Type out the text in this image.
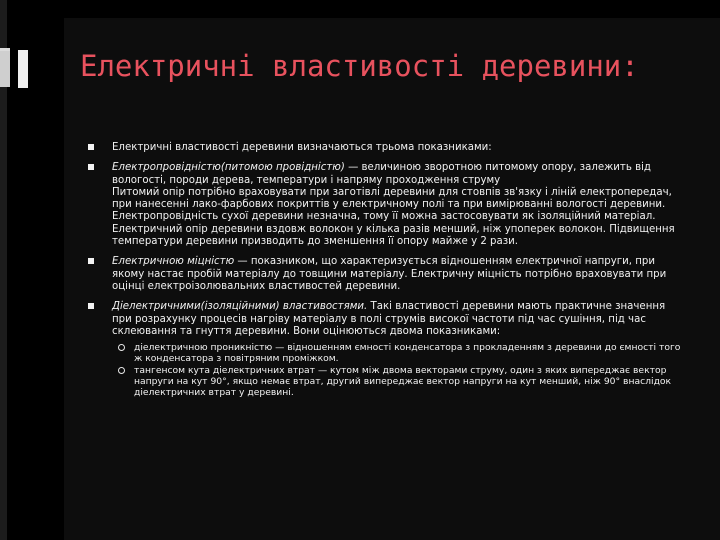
Електричні властивості деревини:

Електричні властивості деревини визначаються трьома показниками:

Електропровідністю(питомою провідністю) — величиною зворотною питомому опору, залежить від вологості, породи дерева, температури і напряму проходження струму

Питомий опір потрібно враховувати при заготівлі деревини для стовпів зв'язку і ліній електропередач, при нанесенні лако-фарбових покриттів у електричному полі та при вимірюванні вологості деревини.

Електропровідність сухої деревини незначна, тому її можна застосовувати як ізоляційний матеріал.

Електричний опір деревини вздовж волокон у кілька разів менший, ніж упоперек волокон. Підвищення температури деревини призводить до зменшення її опору майже у 2 рази.

Електричною міцністю — показником, що характеризується відношенням електричної напруги, при якому настає пробій матеріалу до товщини матеріалу. Електричну міцність потрібно враховувати при оцінці електроізолювальних властивостей деревини.

Діелектричними(ізоляційними) властивостями. Такі властивості деревини мають практичне значення при розрахунку процесів нагріву матеріалу в полі струмів високої частоти під час сушіння, під час склеювання та гнуття деревини. Вони оцінюються двома показниками:

діелектричною проникністю — відношенням ємності конденсатора з прокладенням з деревини до ємності того ж конденсатора з повітряним проміжком.
тангенсом кута діелектричних втрат — кутом між двома векторами струму, один з яких випереджає вектор напруги на кут 90°, якщо немає втрат, другий випереджає вектор напруги на кут менший, ніж 90° внаслідок діелектричних втрат у деревині.
